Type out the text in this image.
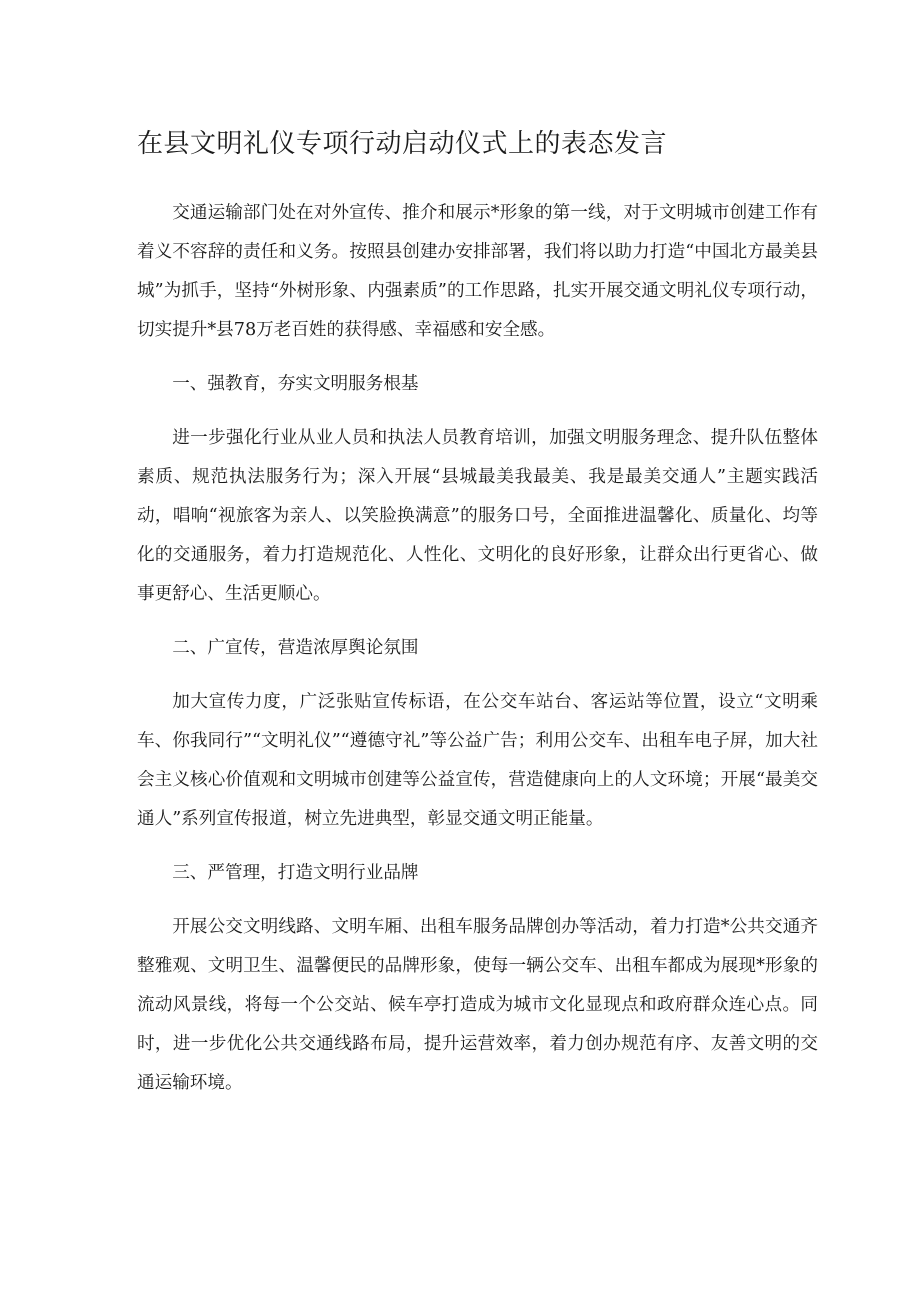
在县文明礼仪专项行动启动仪式上的表态发言

交通运输部门处在对外宣传、推介和展示*形象的第一线，对于文明城市创建工作有着义不容辞的责任和义务。按照县创建办安排部署，我们将以助力打造“中国北方最美县城”为抓手，坚持“外树形象、内强素质”的工作思路，扎实开展交通文明礼仪专项行动，切实提升*县78万老百姓的获得感、幸福感和安全感。

一、强教育，夯实文明服务根基

进一步强化行业从业人员和执法人员教育培训，加强文明服务理念、提升队伍整体素质、规范执法服务行为；深入开展“县城最美我最美、我是最美交通人”主题实践活动，唱响“视旅客为亲人、以笑脸换满意”的服务口号，全面推进温馨化、质量化、均等化的交通服务，着力打造规范化、人性化、文明化的良好形象，让群众出行更省心、做事更舒心、生活更顺心。

二、广宣传，营造浓厚舆论氛围

加大宣传力度，广泛张贴宣传标语，在公交车站台、客运站等位置，设立“文明乘车、你我同行”“文明礼仪”“遵德守礼”等公益广告；利用公交车、出租车电子屏，加大社会主义核心价值观和文明城市创建等公益宣传，营造健康向上的人文环境；开展“最美交通人”系列宣传报道，树立先进典型，彰显交通文明正能量。

三、严管理，打造文明行业品牌

开展公交文明线路、文明车厢、出租车服务品牌创办等活动，着力打造*公共交通齐整雅观、文明卫生、温馨便民的品牌形象，使每一辆公交车、出租车都成为展现*形象的流动风景线，将每一个公交站、候车亭打造成为城市文化显现点和政府群众连心点。同时，进一步优化公共交通线路布局，提升运营效率，着力创办规范有序、友善文明的交通运输环境。
